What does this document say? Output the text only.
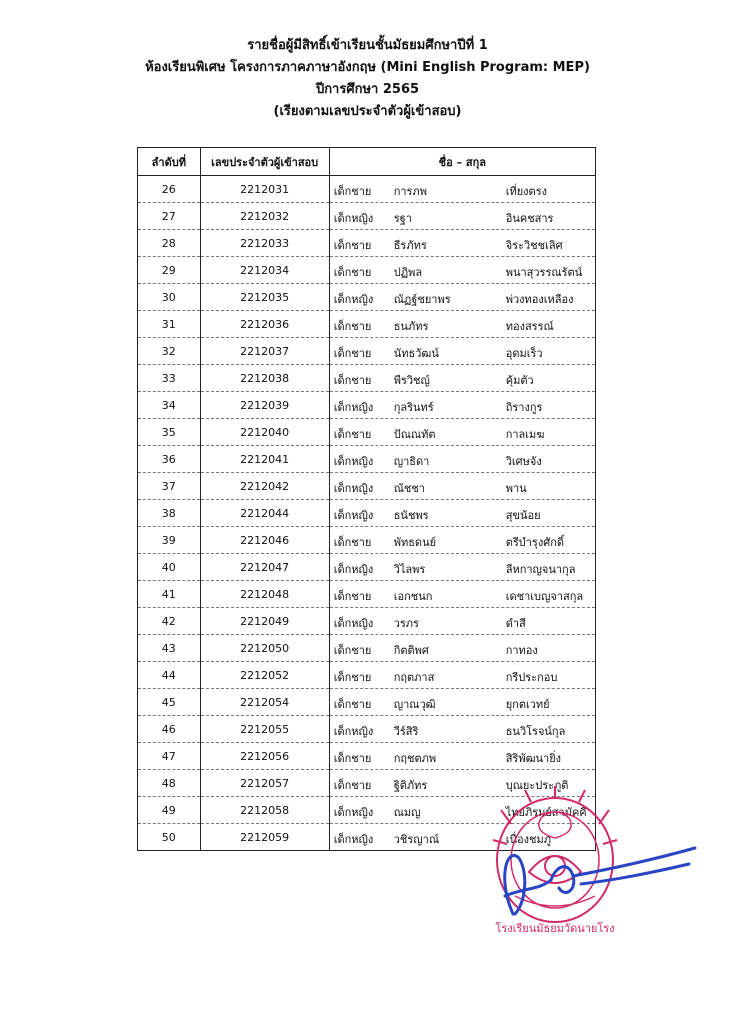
รายชื่อผู้มีสิทธิ์เข้าเรียนชั้นมัธยมศึกษาปีที่ 1
ห้องเรียนพิเศษ โครงการภาคภาษาอังกฤษ (Mini English Program: MEP)
ปีการศึกษา 2565
(เรียงตามเลขประจำตัวผู้เข้าสอบ)
ลำดับที่	เลขประจำตัวผู้เข้าสอบ	ชื่อ – สกุล
26	2212031	เด็กชาย การภพ เที่ยงตรง

27	2212032	เด็กหญิง รฐา อินคชสาร

28	2212033	เด็กชาย ธีรภัทร จิระวิชชเลิศ

29	2212034	เด็กชาย ปฏิพล พนาสุวรรณรัตน์

30	2212035	เด็กหญิง ณัฏฐ์ชยาพร พ่วงทองเหลือง

31	2212036	เด็กชาย ธนภัทร ทองสรรณ์

32	2212037	เด็กชาย นัทธวัฒน์ อุดมเร็ว

33	2212038	เด็กชาย พีรวิชญ์ คุ้มตัว

34	2212039	เด็กหญิง กุลรินทร์ ถิรางกูร

35	2212040	เด็กชาย ปัณณทัต กาลเมฆ

36	2212041	เด็กหญิง ญาธิดา วิเศษจัง

37	2212042	เด็กหญิง ณัชชา พาน

38	2212044	เด็กหญิง ธนัชพร สุขน้อย

39	2212046	เด็กชาย พัทธดนย์ ตรีบำรุงศักดิ์

40	2212047	เด็กหญิง วิไลพร ลีหกาญจนากุล

41	2212048	เด็กชาย เอกชนก เดชาเบญจาสกุล

42	2212049	เด็กหญิง วรภร ดำสี

43	2212050	เด็กชาย กิตติพศ กาทอง

44	2212052	เด็กชาย กฤตภาส กรีประกอบ

45	2212054	เด็กชาย ญาณวุฒิ ยุกตเวทย์

46	2212055	เด็กหญิง วีร์สิริ ธนวิโรจน์กุล

47	2212056	เด็กชาย กฤชตภพ สิริพัฒนายิ่ง

48	2212057	เด็กชาย ฐิติภัทร บุณยะประภูติ

49	2212058	เด็กหญิง ณมญ ไทยภิรมย์สามัคคี

50	2212059	เด็กหญิง วชิรญาณ์ เนื่องชมภู
โรงเรียนมัธยมวัดนายโรง
